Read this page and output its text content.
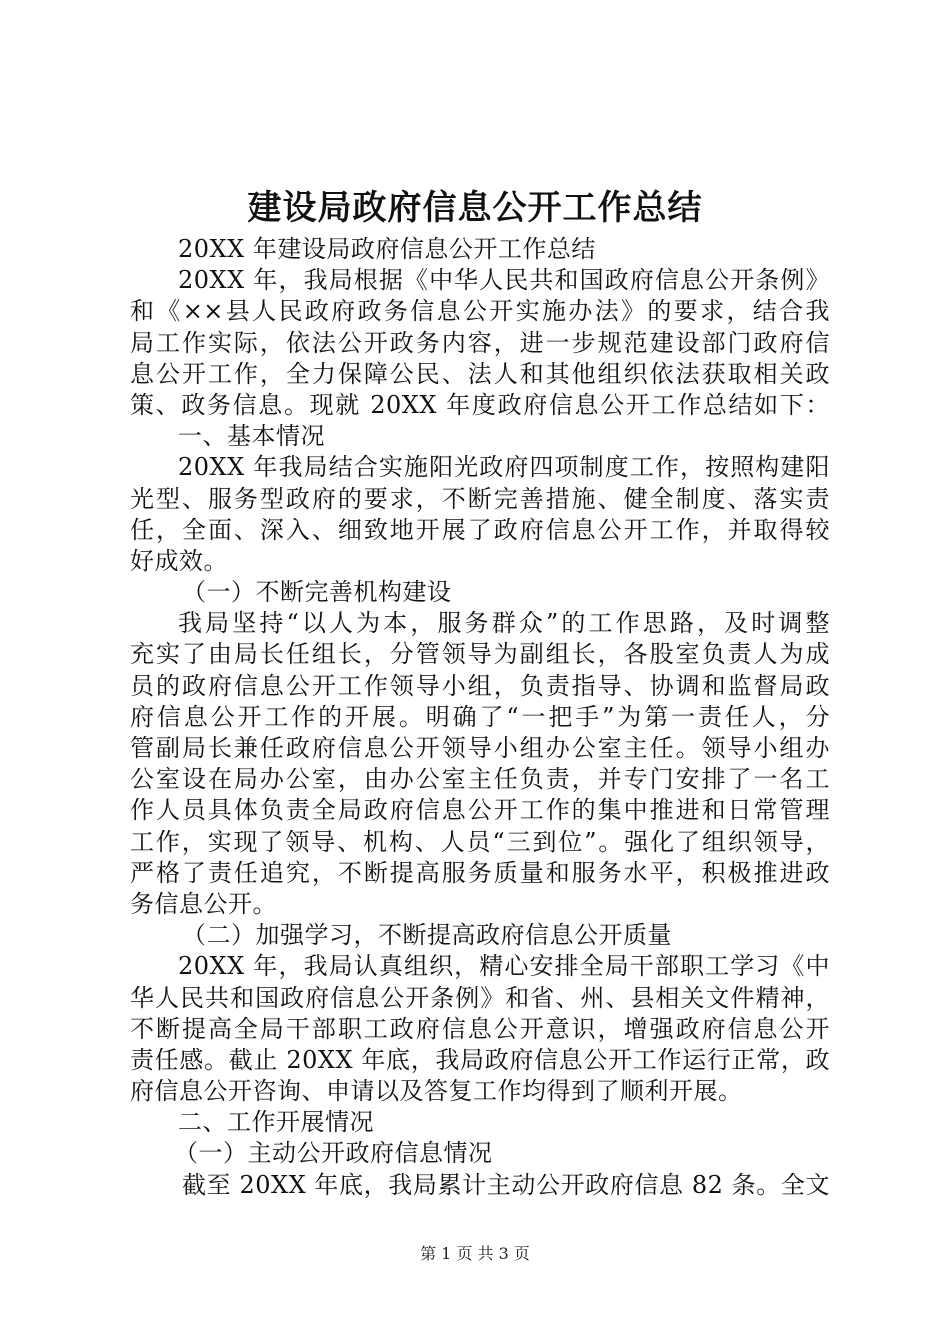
建设局政府信息公开工作总结
20XX 年建设局政府信息公开工作总结
20XX 年，我局根据《中华人民共和国政府信息公开条例》
和《××县人民政府政务信息公开实施办法》的要求，结合我
局工作实际，依法公开政务内容，进一步规范建设部门政府信
息公开工作，全力保障公民、法人和其他组织依法获取相关政
策、政务信息。现就 20XX 年度政府信息公开工作总结如下：
一、基本情况
20XX 年我局结合实施阳光政府四项制度工作，按照构建阳
光型、服务型政府的要求，不断完善措施、健全制度、落实责
任，全面、深入、细致地开展了政府信息公开工作，并取得较
好成效。
（一）不断完善机构建设
我局坚持“以人为本，服务群众”的工作思路，及时调整
充实了由局长任组长，分管领导为副组长，各股室负责人为成
员的政府信息公开工作领导小组，负责指导、协调和监督局政
府信息公开工作的开展。明确了“一把手”为第一责任人，分
管副局长兼任政府信息公开领导小组办公室主任。领导小组办
公室设在局办公室，由办公室主任负责，并专门安排了一名工
作人员具体负责全局政府信息公开工作的集中推进和日常管理
工作，实现了领导、机构、人员“三到位”。强化了组织领导，
严格了责任追究，不断提高服务质量和服务水平，积极推进政
务信息公开。
（二）加强学习，不断提高政府信息公开质量
20XX 年，我局认真组织，精心安排全局干部职工学习《中
华人民共和国政府信息公开条例》和省、州、县相关文件精神，
不断提高全局干部职工政府信息公开意识，增强政府信息公开
责任感。截止 20XX 年底，我局政府信息公开工作运行正常，政
府信息公开咨询、申请以及答复工作均得到了顺利开展。
二、工作开展情况
（一）主动公开政府信息情况
截至 20XX 年底，我局累计主动公开政府信息 82 条。全文
第 1 页 共 3 页
